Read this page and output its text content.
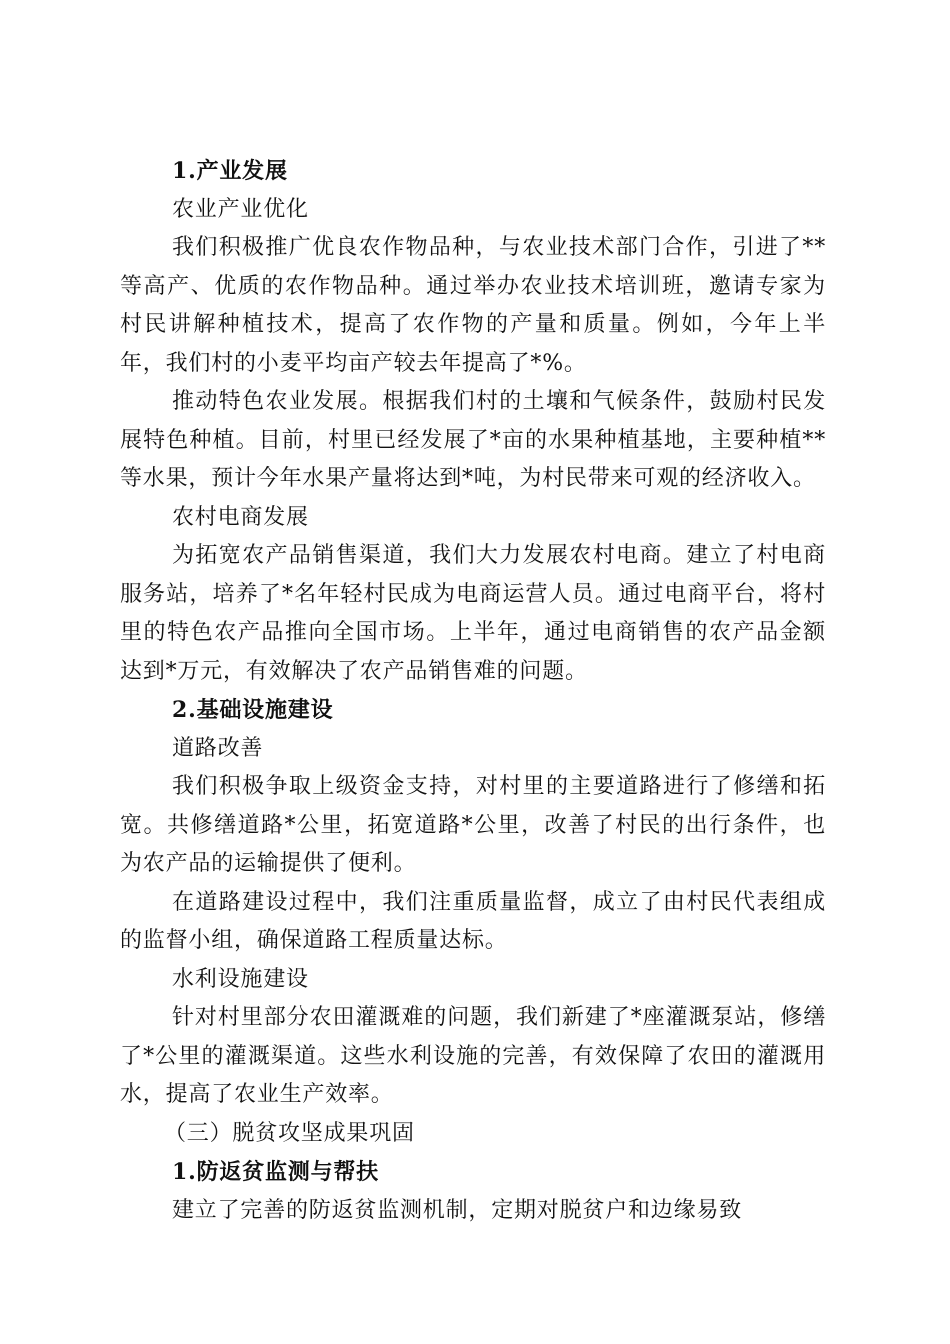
1.产业发展

农业产业优化

我们积极推广优良农作物品种，与农业技术部门合作，引进了**等高产、优质的农作物品种。通过举办农业技术培训班，邀请专家为村民讲解种植技术，提高了农作物的产量和质量。例如，今年上半年，我们村的小麦平均亩产较去年提高了*%。

推动特色农业发展。根据我们村的土壤和气候条件，鼓励村民发展特色种植。目前，村里已经发展了*亩的水果种植基地，主要种植**等水果，预计今年水果产量将达到*吨，为村民带来可观的经济收入。

农村电商发展

为拓宽农产品销售渠道，我们大力发展农村电商。建立了村电商服务站，培养了*名年轻村民成为电商运营人员。通过电商平台，将村里的特色农产品推向全国市场。上半年，通过电商销售的农产品金额达到*万元，有效解决了农产品销售难的问题。

2.基础设施建设

道路改善

我们积极争取上级资金支持，对村里的主要道路进行了修缮和拓宽。共修缮道路*公里，拓宽道路*公里，改善了村民的出行条件，也为农产品的运输提供了便利。

在道路建设过程中，我们注重质量监督，成立了由村民代表组成的监督小组，确保道路工程质量达标。

水利设施建设

针对村里部分农田灌溉难的问题，我们新建了*座灌溉泵站，修缮了*公里的灌溉渠道。这些水利设施的完善，有效保障了农田的灌溉用水，提高了农业生产效率。

（三）脱贫攻坚成果巩固

1.防返贫监测与帮扶

建立了完善的防返贫监测机制，定期对脱贫户和边缘易致
